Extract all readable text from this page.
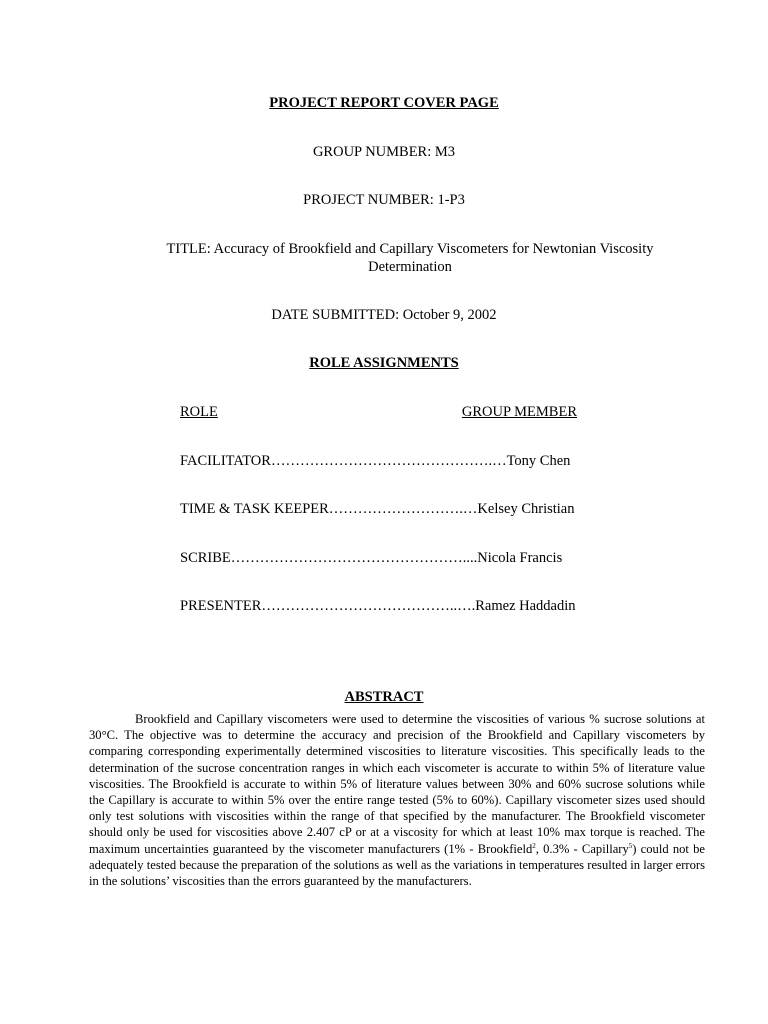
PROJECT REPORT COVER PAGE
GROUP NUMBER: M3
PROJECT NUMBER: 1-P3
TITLE: Accuracy of Brookfield and Capillary Viscometers for Newtonian Viscosity
Determination
DATE SUBMITTED: October 9, 2002
ROLE ASSIGNMENTS
ROLE	GROUP MEMBER
FACILITATOR……………………………………….…Tony Chen
TIME & TASK KEEPER……………………….…Kelsey Christian
SCRIBE…………………………………………....Nicola Francis
PRESENTER…………………………………..….Ramez Haddadin
ABSTRACT

Brookfield and Capillary viscometers were used to determine the viscosities of various % sucrose solutions at 30°C. The objective was to determine the accuracy and precision of the Brookfield and Capillary viscometers by comparing corresponding experimentally determined viscosities to literature viscosities. This specifically leads to the determination of the sucrose concentration ranges in which each viscometer is accurate to within 5% of literature value viscosities. The Brookfield is accurate to within 5% of literature values between 30% and 60% sucrose solutions while the Capillary is accurate to within 5% over the entire range tested (5% to 60%). Capillary viscometer sizes used should only test solutions with viscosities within the range of that specified by the manufacturer. The Brookfield viscometer should only be used for viscosities above 2.407 cP or at a viscosity for which at least 10% max torque is reached. The maximum uncertainties guaranteed by the viscometer manufacturers (1% - Brookfield$^2$, 0.3% - Capillary$^5$) could not be adequately tested because the preparation of the solutions as well as the variations in temperatures resulted in larger errors in the solutions’ viscosities than the errors guaranteed by the manufacturers.
